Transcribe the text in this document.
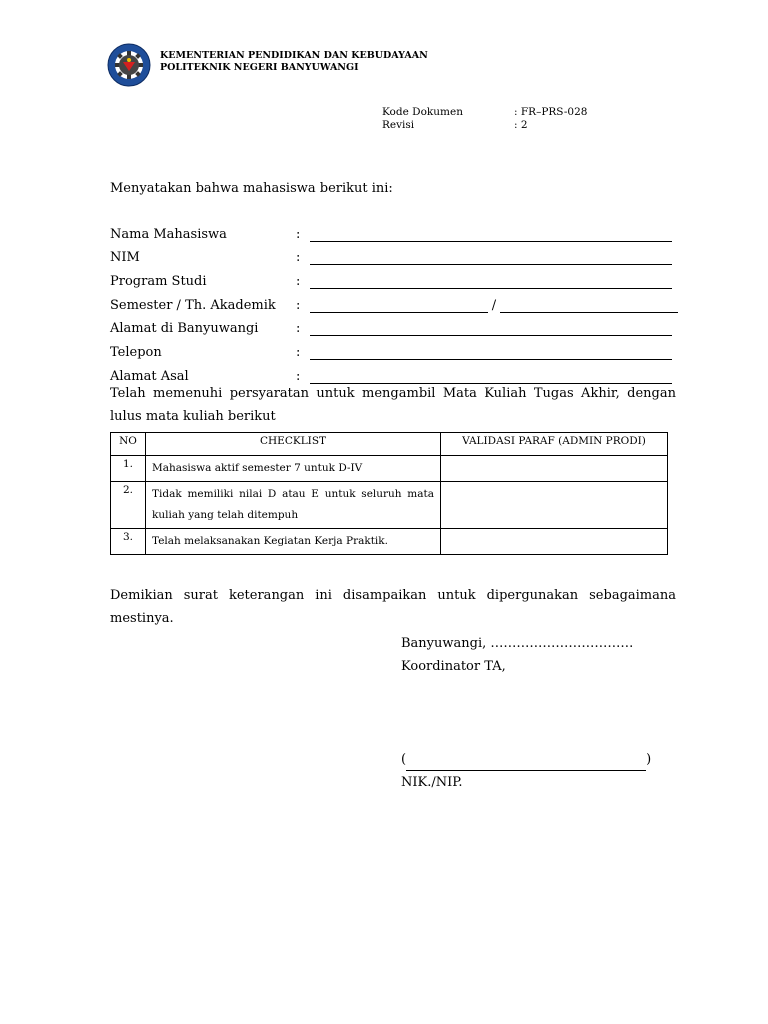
KEMENTERIAN PENDIDIKAN DAN KEBUDAYAAN
POLITEKNIK NEGERI BANYUWANGI
Kode Dokumen	: FR–PRS-028
Revisi	: 2
Menyatakan bahwa mahasiswa berikut ini:
Nama Mahasiswa	:
NIM	:
Program Studi	:
Semester / Th. Akademik	:	/
Alamat di Banyuwangi	:
Telepon	:
Alamat Asal	:
Telah memenuhi persyaratan untuk mengambil Mata Kuliah Tugas Akhir, dengan lulus mata kuliah berikut
NO	CHECKLIST	VALIDASI PARAF (ADMIN PRODI)
1.	Mahasiswa aktif semester 7 untuk D-IV	
2.	Tidak memiliki nilai D atau E untuk seluruh mata kuliah yang telah ditempuh	
3.	Telah melaksanakan Kegiatan Kerja Praktik.	
Demikian surat keterangan ini disampaikan untuk dipergunakan sebagaimana mestinya.
Banyuwangi, ……………………………
Koordinator TA,
(	)
NIK./NIP.
